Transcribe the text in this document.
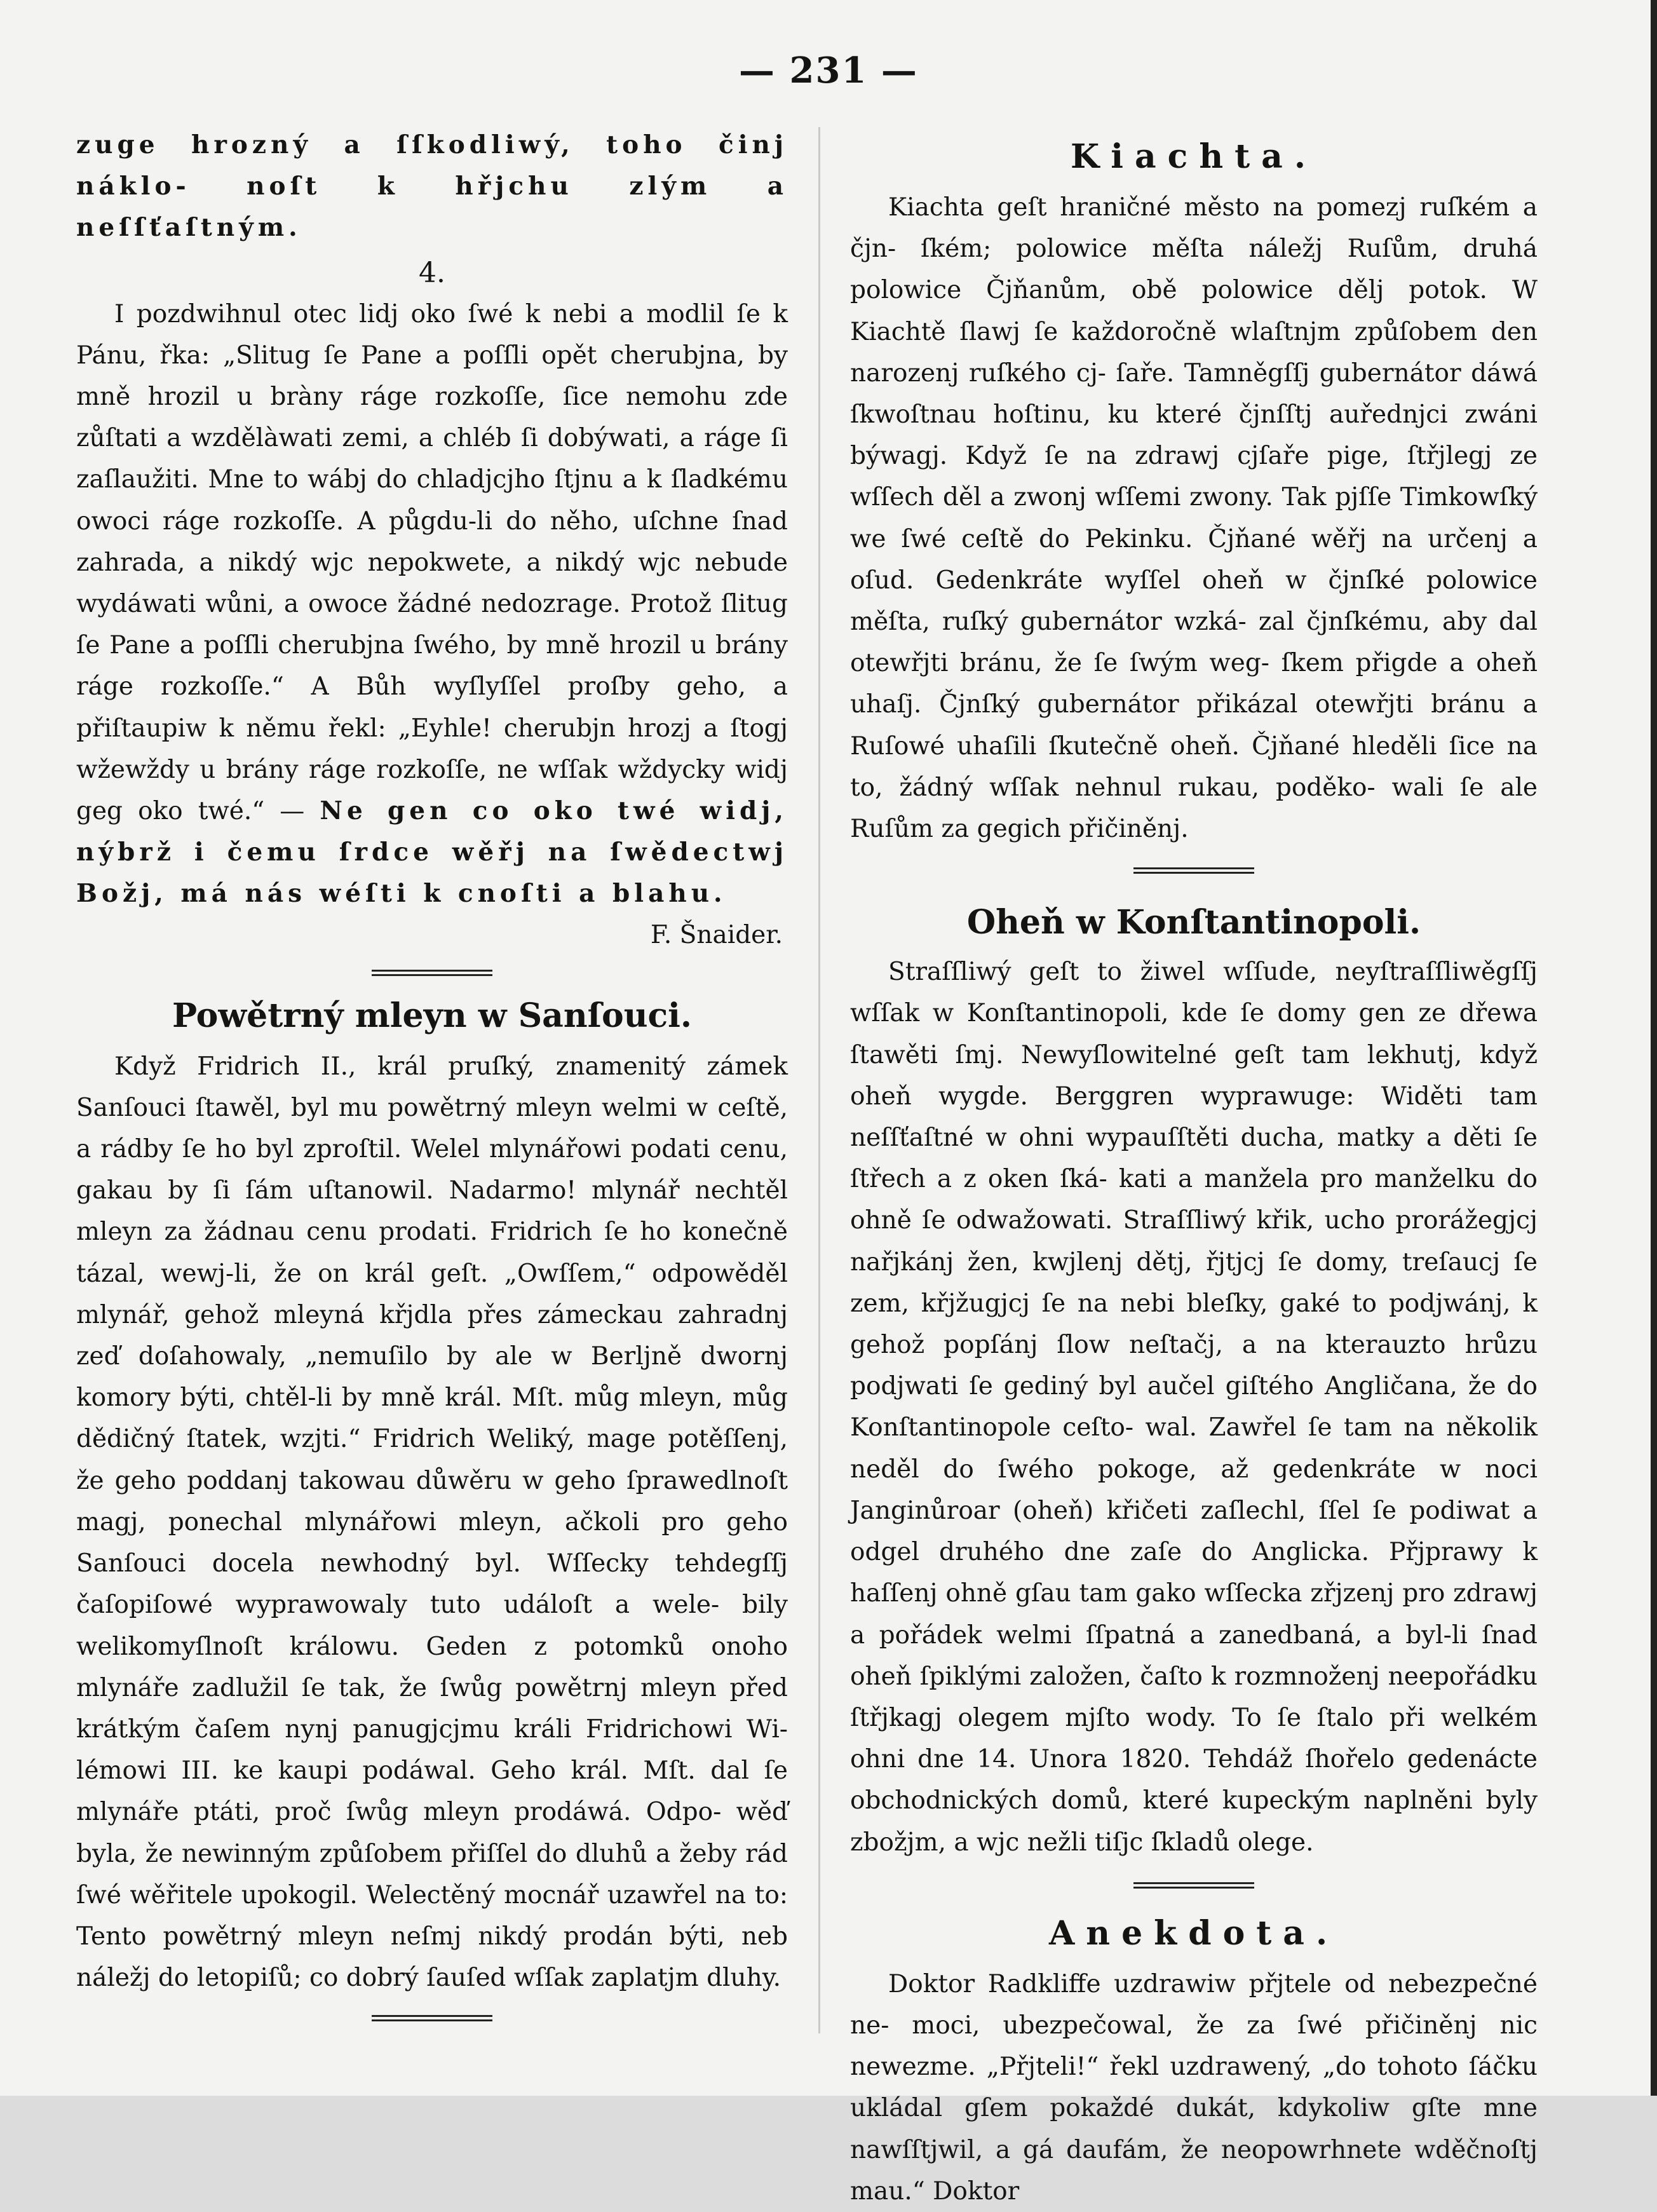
— 231 —

zuge hrozný a ſſkodliwý, toho činj náklo- noſt k hřjchu zlým a neſſťaſtným.

4.

I pozdwihnul otec lidj oko ſwé k nebi a modlil ſe k Pánu, řka: „Slitug ſe Pane a poſſli opět cherubjna, by mně hrozil u bràny ráge rozkoſſe, ſice nemohu zde zůſtati a wzdělàwati zemi, a chléb ſi dobýwati, a ráge ſi zaſlaužiti. Mne to wábj do chladjcjho ſtjnu a k ſladkému owoci ráge rozkoſſe. A půgdu-li do něho, uſchne ſnad zahrada, a nikdý wjc nepokwete, a nikdý wjc nebude wydáwati wůni, a owoce žádné nedozrage. Protož ſlitug ſe Pane a poſſli cherubjna ſwého, by mně hrozil u brány ráge rozkoſſe.“ A Bůh wyſlyſſel proſby geho, a přiſtaupiw k němu řekl: „Eyhle! cherubjn hrozj a ſtogj wžewždy u brány ráge rozkoſſe, ne wſſak wždycky widj geg oko twé.“ — Ne gen co oko twé widj, nýbrž i čemu ſrdce wěřj na ſwědectwj Božj, má nás wéſti k cnoſti a blahu.

F. Šnaider.

Powětrný mleyn w Sanſouci.

Když Fridrich II., král pruſký, znamenitý zámek Sanſouci ſtawěl, byl mu powětrný mleyn welmi w ceſtě, a rádby ſe ho byl zproſtil. Welel mlynářowi podati cenu, gakau by ſi ſám uſtanowil. Nadarmo! mlynář nechtěl mleyn za žádnau cenu prodati. Fridrich ſe ho konečně tázal, wewj-li, že on král geſt. „Owſſem,“ odpowěděl mlynář, gehož mleyná křjdla přes zámeckau zahradnj zeď doſahowaly, „nemuſilo by ale w Berljně dwornj komory býti, chtěl-li by mně král. Mſt. můg mleyn, můg dědičný ſtatek, wzjti.“ Fridrich Weliký, mage potěſſenj, že geho poddanj takowau důwěru w geho ſprawedlnoſt magj, ponechal mlynářowi mleyn, ačkoli pro geho Sanſouci docela newhodný byl. Wſſecky tehdegſſj čaſopiſowé wyprawowaly tuto událoſt a wele- bily welikomyſlnoſt králowu. Geden z potomků onoho mlynáře zadlužil ſe tak, že ſwůg powětrnj mleyn před krátkým čaſem nynj panugjcjmu králi Fridrichowi Wi- lémowi III. ke kaupi podáwal. Geho král. Mſt. dal ſe mlynáře ptáti, proč ſwůg mleyn prodáwá. Odpo- wěď byla, že newinným způſobem přiſſel do dluhů a žeby rád ſwé wěřitele upokogil. Welectěný mocnář uzawřel na to: Tento powětrný mleyn neſmj nikdý prodán býti, neb náležj do letopiſů; co dobrý ſauſed wſſak zaplatjm dluhy.

Kiachta.

Kiachta geſt hraničné město na pomezj ruſkém a čjn- ſkém; polowice měſta náležj Ruſům, druhá polowice Čjňanům, obě polowice dělj potok. W Kiachtě ſlawj ſe každoročně wlaſtnjm způſobem den narozenj ruſkého cj- ſaře. Tamněgſſj gubernátor dáwá ſkwoſtnau hoſtinu, ku které čjnſſtj auřednjci zwáni býwagj. Když ſe na zdrawj cjſaře pige, ſtřjlegj ze wſſech děl a zwonj wſſemi zwony. Tak pjſſe Timkowſký we ſwé ceſtě do Pekinku. Čjňané wěřj na určenj a oſud. Gedenkráte wyſſel oheň w čjnſké polowice měſta, ruſký gubernátor wzká- zal čjnſkému, aby dal otewřjti bránu, že ſe ſwým weg- ſkem přigde a oheň uhaſj. Čjnſký gubernátor přikázal otewřjti bránu a Ruſowé uhaſili ſkutečně oheň. Čjňané hleděli ſice na to, žádný wſſak nehnul rukau, poděko- wali ſe ale Ruſům za gegich přičiněnj.

Oheň w Konſtantinopoli.

Straſſliwý geſt to žiwel wſſude, neyſtraſſliwěgſſj wſſak w Konſtantinopoli, kde ſe domy gen ze dřewa ſtawěti ſmj. Newyſlowitelné geſt tam lekhutj, když oheň wygde. Berggren wyprawuge: Widěti tam neſſťaſtné w ohni wypauſſtěti ducha, matky a děti ſe ſtřech a z oken ſká- kati a manžela pro manželku do ohně ſe odwažowati. Straſſliwý křik, ucho prorážegjcj nařjkánj žen, kwjlenj dětj, řjtjcj ſe domy, treſaucj ſe zem, křjžugjcj ſe na nebi bleſky, gaké to podjwánj, k gehož popſánj ſlow neſtačj, a na kterauzto hrůzu podjwati ſe gediný byl aučel giſtého Angličana, že do Konſtantinopole ceſto- wal. Zawřel ſe tam na několik neděl do ſwého pokoge, až gedenkráte w noci Janginůroar (oheň) křičeti zaſlechl, ſſel ſe podiwat a odgel druhého dne zaſe do Anglicka. Přjprawy k haſſenj ohně gſau tam gako wſſecka zřjzenj pro zdrawj a pořádek welmi ſſpatná a zanedbaná, a byl-li ſnad oheň ſpiklými založen, čaſto k rozmnoženj neepořádku ſtřjkagj olegem mjſto wody. To ſe ſtalo při welkém ohni dne 14. Unora 1820. Tehdáž ſhořelo gedenácte obchodnických domů, které kupeckým naplněni byly zbožjm, a wjc nežli tiſjc ſkladů olege.

Anekdota.

Doktor Radkliffe uzdrawiw přjtele od nebezpečné ne- moci, ubezpečowal, že za ſwé přičiněnj nic newezme. „Přjteli!“ řekl uzdrawený, „do tohoto ſáčku ukládal gſem pokaždé dukát, kdykoliw gſte mne nawſſtjwil, a gá daufám, že neopowrhnete wděčnoſtj mau.“ Doktor
